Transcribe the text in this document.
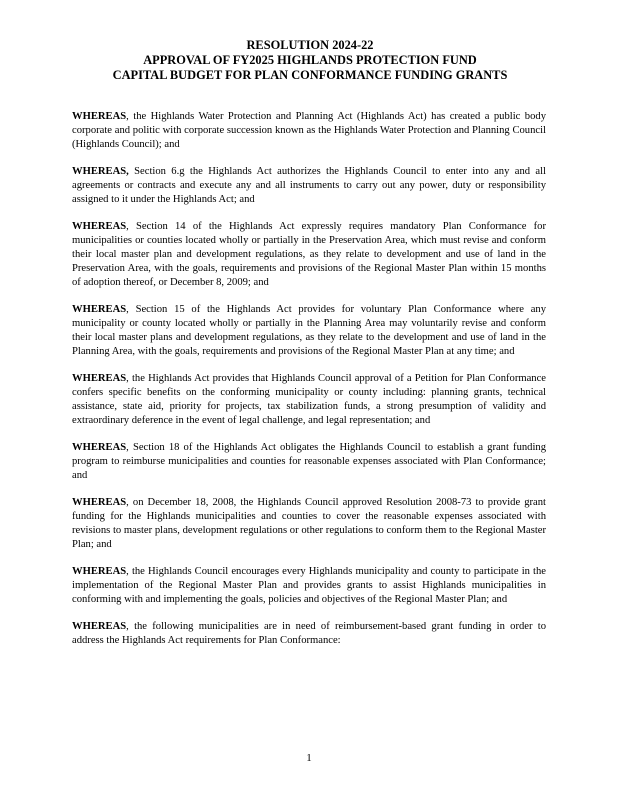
RESOLUTION 2024-22
APPROVAL OF FY2025 HIGHLANDS PROTECTION FUND
CAPITAL BUDGET FOR PLAN CONFORMANCE FUNDING GRANTS

WHEREAS, the Highlands Water Protection and Planning Act (Highlands Act) has created a public body corporate and politic with corporate succession known as the Highlands Water Protection and Planning Council (Highlands Council); and

WHEREAS, Section 6.g the Highlands Act authorizes the Highlands Council to enter into any and all agreements or contracts and execute any and all instruments to carry out any power, duty or responsibility assigned to it under the Highlands Act; and

WHEREAS, Section 14 of the Highlands Act expressly requires mandatory Plan Conformance for municipalities or counties located wholly or partially in the Preservation Area, which must revise and conform their local master plan and development regulations, as they relate to development and use of land in the Preservation Area, with the goals, requirements and provisions of the Regional Master Plan within 15 months of adoption thereof, or December 8, 2009; and

WHEREAS, Section 15 of the Highlands Act provides for voluntary Plan Conformance where any municipality or county located wholly or partially in the Planning Area may voluntarily revise and conform their local master plans and development regulations, as they relate to the development and use of land in the Planning Area, with the goals, requirements and provisions of the Regional Master Plan at any time; and

WHEREAS, the Highlands Act provides that Highlands Council approval of a Petition for Plan Conformance confers specific benefits on the conforming municipality or county including: planning grants, technical assistance, state aid, priority for projects, tax stabilization funds, a strong presumption of validity and extraordinary deference in the event of legal challenge, and legal representation; and

WHEREAS, Section 18 of the Highlands Act obligates the Highlands Council to establish a grant funding program to reimburse municipalities and counties for reasonable expenses associated with Plan Conformance; and

WHEREAS, on December 18, 2008, the Highlands Council approved Resolution 2008-73 to provide grant funding for the Highlands municipalities and counties to cover the reasonable expenses associated with revisions to master plans, development regulations or other regulations to conform them to the Regional Master Plan; and

WHEREAS, the Highlands Council encourages every Highlands municipality and county to participate in the implementation of the Regional Master Plan and provides grants to assist Highlands municipalities in conforming with and implementing the goals, policies and objectives of the Regional Master Plan; and

WHEREAS, the following municipalities are in need of reimbursement-based grant funding in order to address the Highlands Act requirements for Plan Conformance:

1
